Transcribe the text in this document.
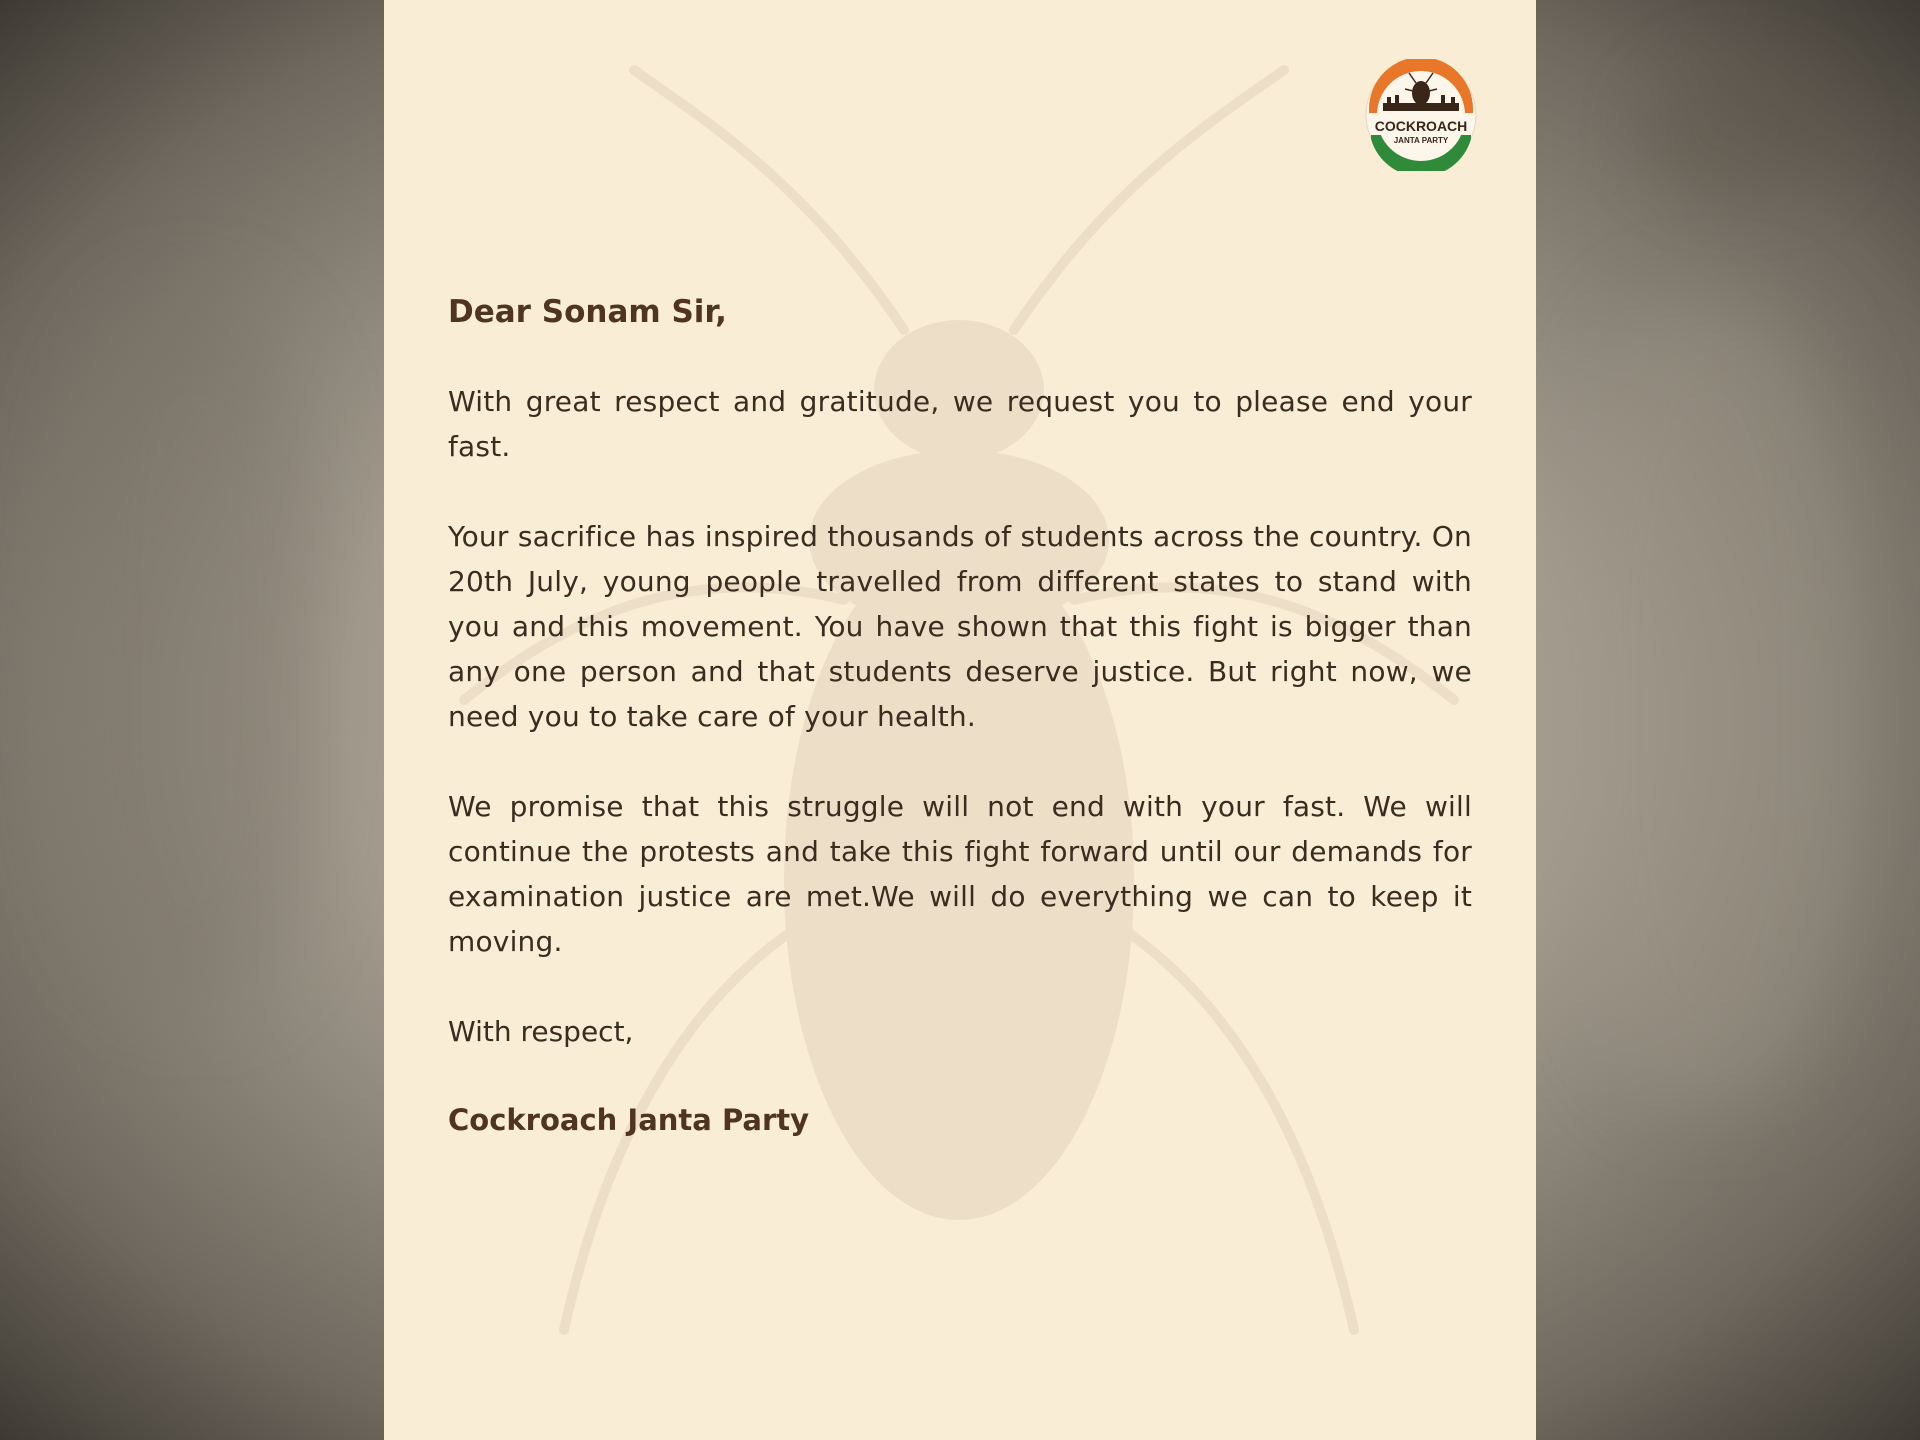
COCKROACH
JANTA PARTY

Dear Sonam Sir,

With great respect and gratitude, we request you to please end your fast.

Your sacrifice has inspired thousands of students across the country. On 20th July, young people travelled from different states to stand with you and this movement. You have shown that this fight is bigger than any one person and that students deserve justice. But right now, we need you to take care of your health.

We promise that this struggle will not end with your fast. We will continue the protests and take this fight forward until our demands for examination justice are met.We will do everything we can to keep it moving.

With respect,

Cockroach Janta Party
